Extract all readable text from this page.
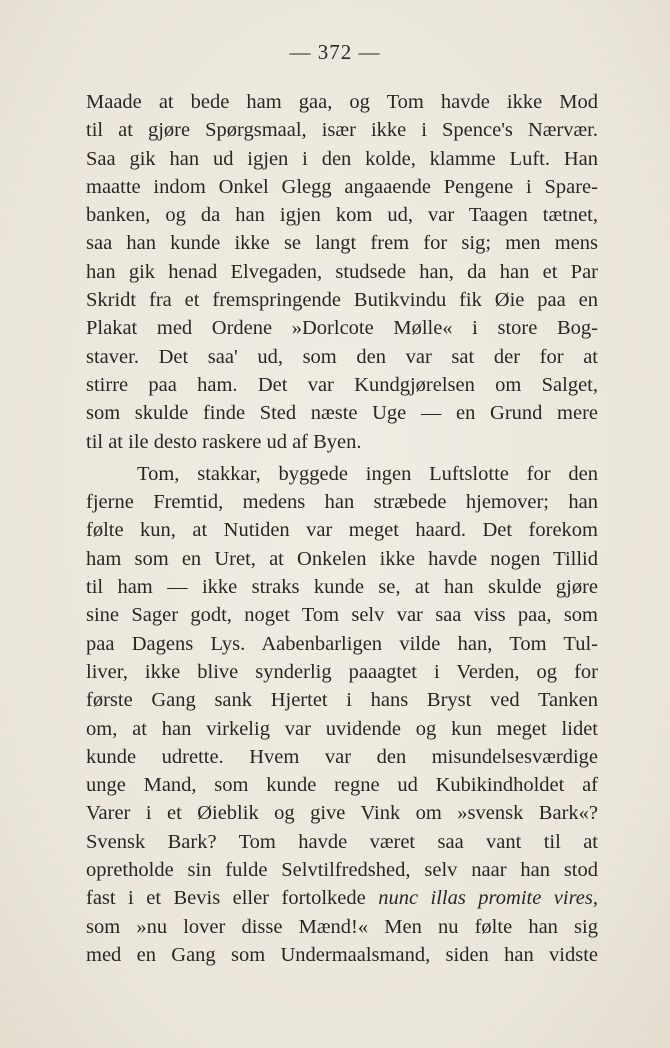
— 372 —
Maade at bede ham gaa, og Tom havde ikke Mod
til at gjøre Spørgsmaal, især ikke i Spence's Nærvær.
Saa gik han ud igjen i den kolde, klamme Luft. Han
maatte indom Onkel Glegg angaaende Pengene i Spare-
banken, og da han igjen kom ud, var Taagen tætnet,
saa han kunde ikke se langt frem for sig; men mens
han gik henad Elvegaden, studsede han, da han et Par
Skridt fra et fremspringende Butikvindu fik Øie paa en
Plakat med Ordene »Dorlcote Mølle« i store Bog-
staver. Det saa' ud, som den var sat der for at
stirre paa ham. Det var Kundgjørelsen om Salget,
som skulde finde Sted næste Uge — en Grund mere
til at ile desto raskere ud af Byen.
Tom, stakkar, byggede ingen Luftslotte for den
fjerne Fremtid, medens han stræbede hjemover; han
følte kun, at Nutiden var meget haard. Det forekom
ham som en Uret, at Onkelen ikke havde nogen Tillid
til ham — ikke straks kunde se, at han skulde gjøre
sine Sager godt, noget Tom selv var saa viss paa, som
paa Dagens Lys. Aabenbarligen vilde han, Tom Tul-
liver, ikke blive synderlig paaagtet i Verden, og for
første Gang sank Hjertet i hans Bryst ved Tanken
om, at han virkelig var uvidende og kun meget lidet
kunde udrette. Hvem var den misundelsesværdige
unge Mand, som kunde regne ud Kubikindholdet af
Varer i et Øieblik og give Vink om »svensk Bark«?
Svensk Bark? Tom havde været saa vant til at
opretholde sin fulde Selvtilfredshed, selv naar han stod
fast i et Bevis eller fortolkede nunc illas promite vires,
som »nu lover disse Mænd!« Men nu følte han sig
med en Gang som Undermaalsmand, siden han vidste
